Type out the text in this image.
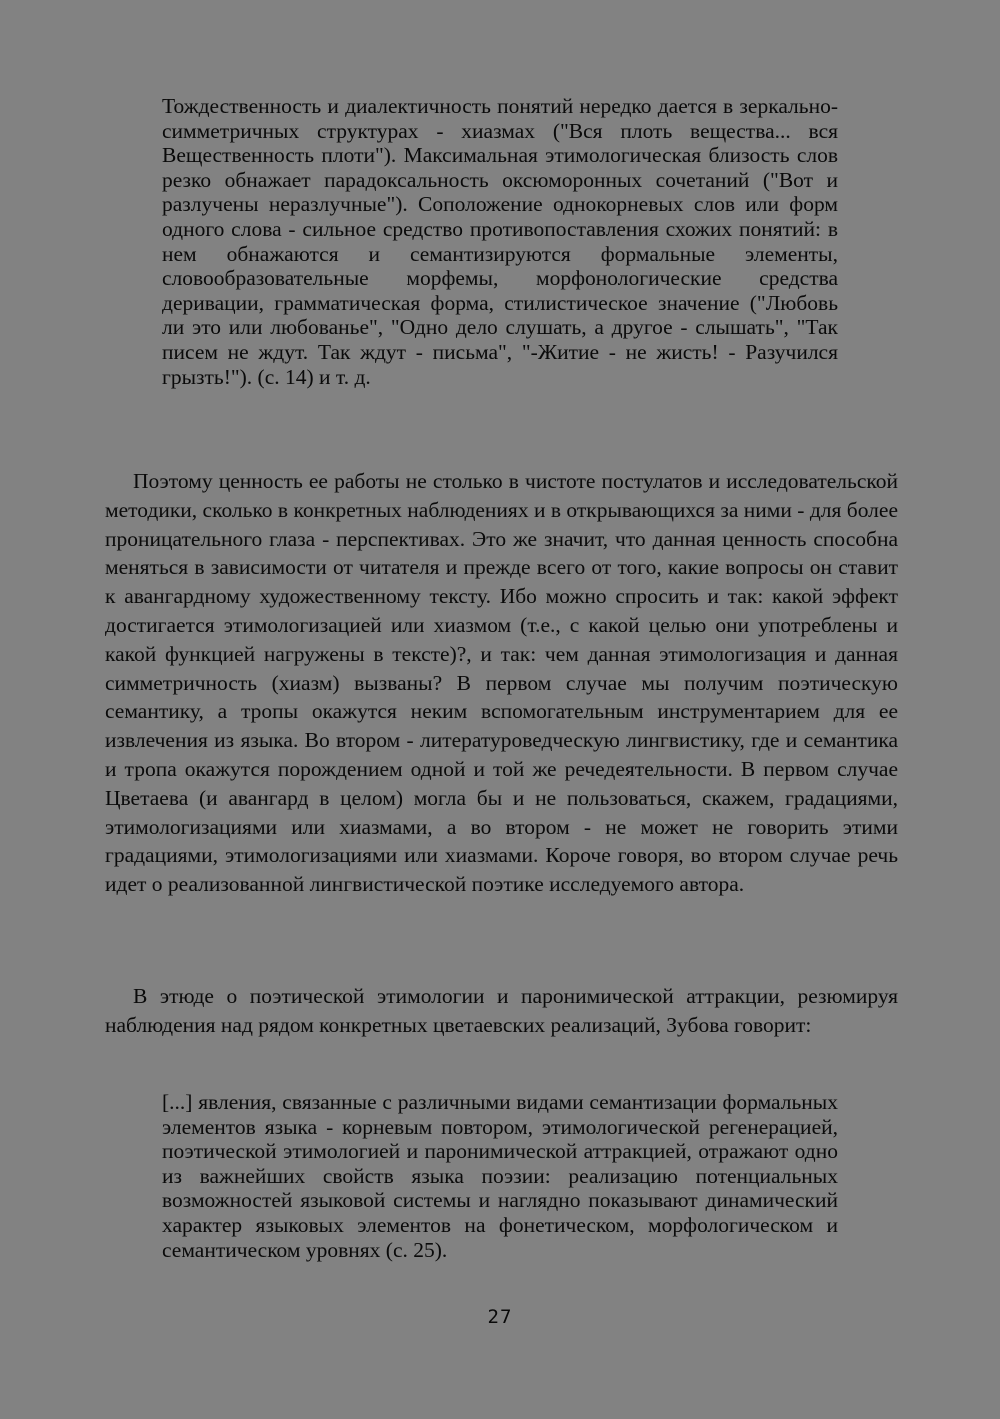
Тождественность и диалектичность понятий нередко дается в зеркально-симметричных структурах - хиазмах ("Вся плоть вещества... вся Вещественность плоти"). Максимальная этимологическая близость слов резко обнажает парадоксальность оксюморонных сочетаний ("Вот и разлучены неразлучные"). Соположение однокорневых слов или форм одного слова - сильное средство противопоставления схожих понятий: в нем обнажаются и семантизируются формальные элементы, словообразовательные морфемы, морфонологические средства деривации, грамматическая форма, стилистическое значение ("Любовь ли это или любованье", "Одно дело слушать, а другое - слышать", "Так писем не ждут. Так ждут - письма", "-Житие - не жисть! - Разучился грызть!"). (с. 14) и т. д.

Поэтому ценность ее работы не столько в чистоте постулатов и исследовательской методики, сколько в конкретных наблюдениях и в открывающихся за ними - для более проницательного глаза - перспективах. Это же значит, что данная ценность способна меняться в зависимости от читателя и прежде всего от того, какие вопросы он ставит к авангардному художественному тексту. Ибо можно спросить и так: какой эффект достигается этимологизацией или хиазмом (т.е., с какой целью они употреблены и какой функцией нагружены в тексте)?, и так: чем данная этимологизация и данная симметричность (хиазм) вызваны? В первом случае мы получим поэтическую семантику, а тропы окажутся неким вспомогательным инструментарием для ее извлечения из языка. Во втором - литературоведческую лингвистику, где и семантика и тропа окажутся порождением одной и той же речедеятельности. В первом случае Цветаева (и авангард в целом) могла бы и не пользоваться, скажем, градациями, этимологизациями или хиазмами, а во втором - не может не говорить этими градациями, этимологизациями или хиазмами. Короче говоря, во втором случае речь идет о реализованной лингвистической поэтике исследуемого автора.

В этюде о поэтической этимологии и паронимической аттракции, резюмируя наблюдения над рядом конкретных цветаевских реализаций, Зубова говорит:

[...] явления, связанные с различными видами семантизации формальных элементов языка - корневым повтором, этимологической регенерацией, поэтической этимологией и паронимической аттракцией, отражают одно из важнейших свойств языка поэзии: реализацию потенциальных возможностей языковой системы и наглядно показывают динамический характер языковых элементов на фонетическом, морфологическом и семантическом уровнях (с. 25).
27
